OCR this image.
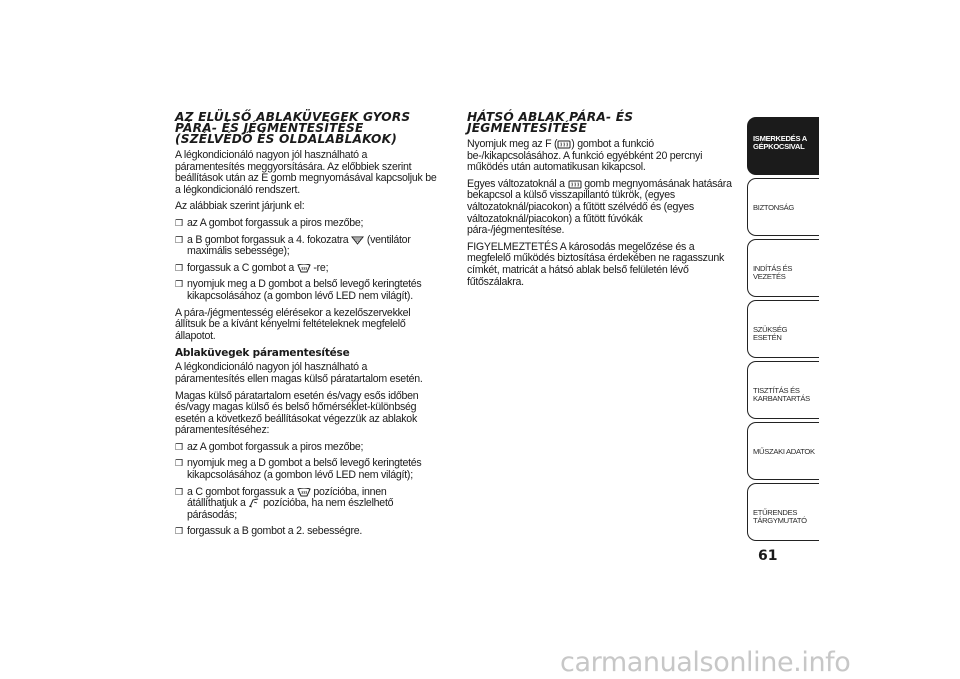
AZ ELÜLSŐ ABLAKÜVEGEK GYORS PÁRA- ÉS JÉGMENTESÍTÉSE (SZÉLVÉDŐ ÉS OLDALABLAKOK)

A légkondicionáló nagyon jól használható a páramentesítés meggyorsítására. Az előbbiek szerint beállítások után az E gomb megnyomásával kapcsoljuk be a légkondicionáló rendszert.

Az alábbiak szerint járjunk el:

❒ az A gombot forgassuk a piros mezőbe;
❒ a B gombot forgassuk a 4. fokozatra
(ventilátor maximális sebessége);
❒ forgassuk a C gombot a
-re;
❒ nyomjuk meg a D gombot a belső levegő keringtetés kikapcsolásához (a gombon lévő LED nem világít).

A pára-/jégmentesség elérésekor a kezelőszervekkel állítsuk be a kívánt kényelmi feltételeknek megfelelő állapotot.

Ablaküvegek páramentesítése

A légkondicionáló nagyon jól használható a páramentesítés ellen magas külső páratartalom esetén.

Magas külső páratartalom esetén és/vagy esős időben és/vagy magas külső és belső hőmérséklet-különbség esetén a következő beállításokat végezzük az ablakok páramentesítéséhez:

❒ az A gombot forgassuk a piros mezőbe;
❒ nyomjuk meg a D gombot a belső levegő keringtetés kikapcsolásához (a gombon lévő LED nem világít);
❒ a C gombot forgassuk a
pozícióba, innen átállíthatjuk a
pozícióba, ha nem észlelhető párásodás;
❒ forgassuk a B gombot a 2. sebességre.
HÁTSÓ ABLAK PÁRA- ÉS JÉGMENTESÍTÉSE

Nyomjuk meg az F ( ) gombot a funkció be-/kikapcsolásához. A funkció egyébként 20 percnyi működés után automatikusan kikapcsol.

Egyes változatoknál a
gomb megnyomásának hatására bekapcsol a külső visszapillantó tükrök, (egyes változatoknál/piacokon) a fűtött szélvédő és (egyes változatoknál/piacokon) a fűtött fúvókák pára-/jégmentesítése.

FIGYELMEZTETÉS A károsodás megelőzése és a megfelelő működés biztosítása érdekében ne ragasszunk címkét, matricát a hátsó ablak belső felületén lévő fűtőszálakra.

ISMERKEDÉS A GÉPKOCSIVAL
BIZTONSÁG
INDÍTÁS ÉS VEZETÉS
SZÜKSÉG ESETÉN
TISZTÍTÁS ÉS KARBANTARTÁS
MŰSZAKI ADATOK
ETŰRENDES TÁRGYMUTATÓ
61
carmanualsonline.info
